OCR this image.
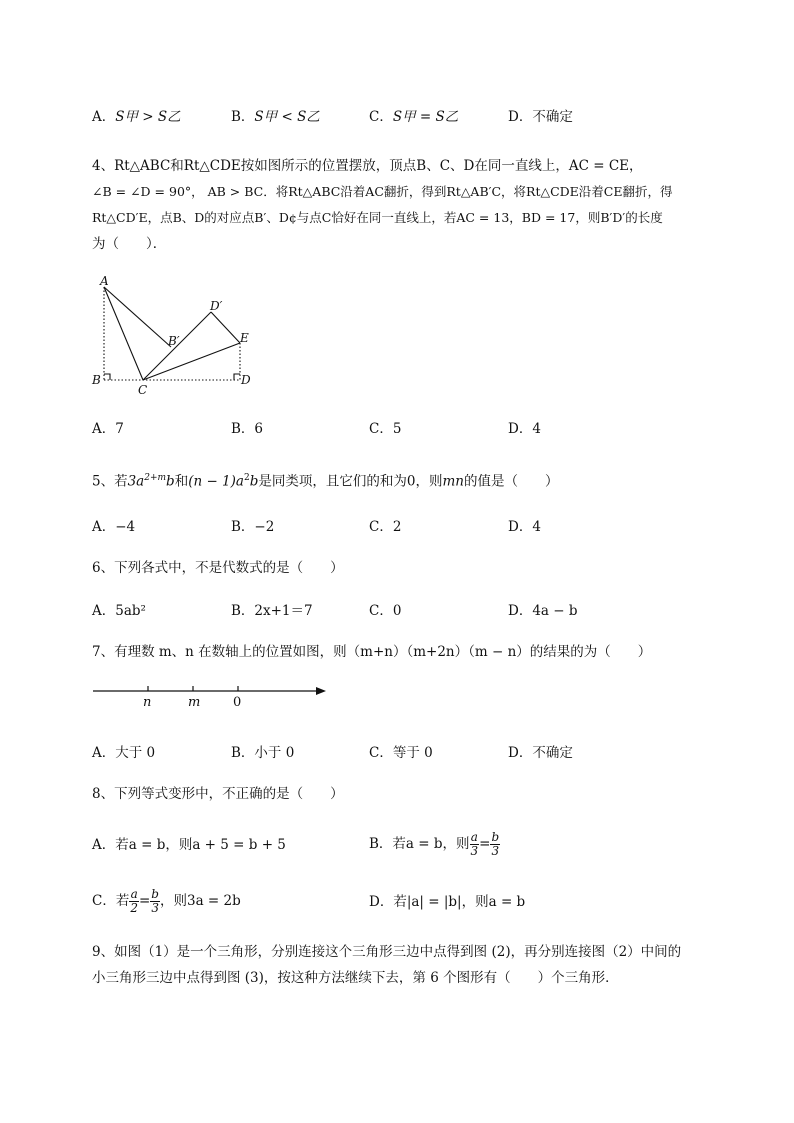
A．S甲 > S乙	B．S甲 < S乙	C．S甲 = S乙	D．不确定
4、Rt△ABC和Rt△CDE按如图所示的位置摆放，顶点B、C、D在同一直线上，AC = CE，
∠B = ∠D = 90°， AB > BC．将Rt△ABC沿着AC翻折，得到Rt△AB′C，将Rt△CDE沿着CE翻折，得
Rt△CD′E，点B、D的对应点B′、D¢与点C恰好在同一直线上，若AC = 13，BD = 17，则B′D′的长度
为（　　）．
A
B
C
D
E
B′
D′
A．7	B．6	C．5	D．4
5、若$3a^{2+m}b$和$(n - 1)a^2b$是同类项，且它们的和为0，则mn的值是（　　）
A．−4	B．−2	C．2	D．4
6、下列各式中，不是代数式的是（　　）
A．5ab²	B．2x+1＝7	C．0	D．4a − b
7、有理数 m、n 在数轴上的位置如图，则（m+n）（m+2n）（m − n）的结果的为（　　）
n	m	0
A．大于 0	B．小于 0	C．等于 0	D．不确定
8、下列等式变形中，不正确的是（　　）
A．若a = b，则a + 5 = b + 5	B．若a = b，则 $\frac{a}{3} = \frac{b}{3}$
C．若 $\frac{a}{2} = \frac{b}{3}$ ，则3a = 2b	D．若|a| = |b|，则a = b
9、如图（1）是一个三角形，分别连接这个三角形三边中点得到图 (2)，再分别连接图（2）中间的
小三角形三边中点得到图 (3)，按这种方法继续下去，第 6 个图形有（　　）个三角形．
